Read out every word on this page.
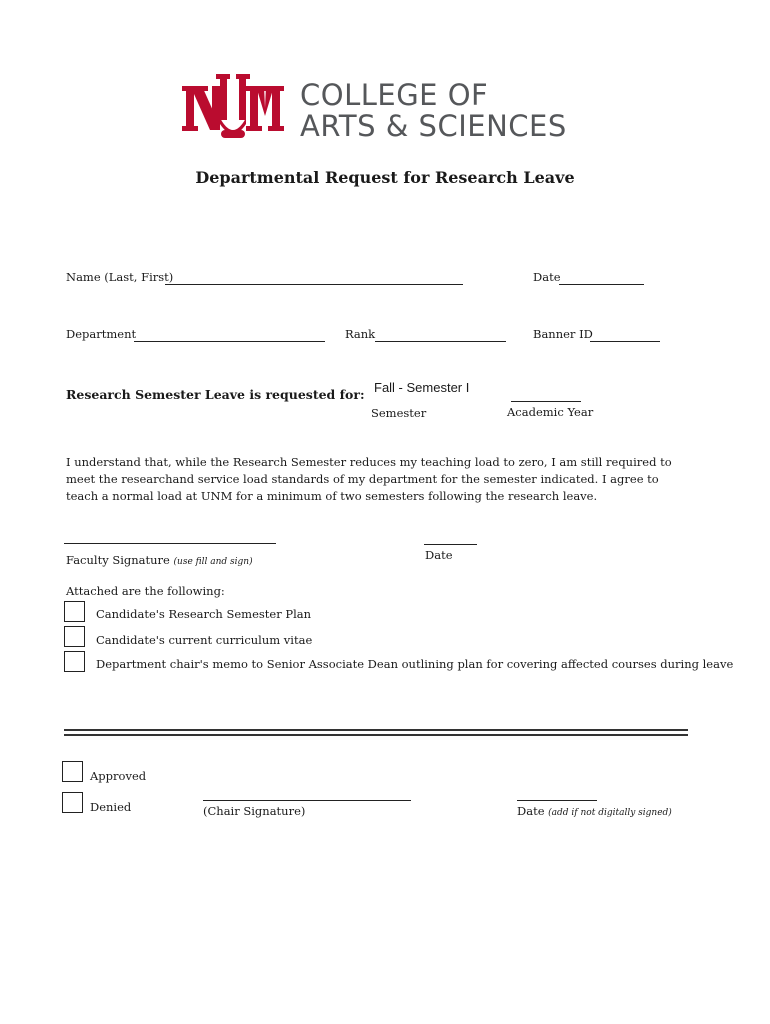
COLLEGE OF
ARTS & SCIENCES
Departmental Request for Research Leave
Name (Last, First)	Date
Department	Rank	Banner ID
Research Semester Leave is requested for: Fall - Semester I
Semester	Academic Year
I understand that, while the Research Semester reduces my teaching load to zero, I am still required to meet the researchand service load standards of my department for the semester indicated. I agree to teach a normal load at UNM for a minimum of two semesters following the research leave.
Faculty Signature (use fill and sign)	Date
Attached are the following:
Candidate's Research Semester Plan
Candidate's current curriculum vitae
Department chair's memo to Senior Associate Dean outlining plan for covering affected courses during leave
Approved
Denied	(Chair Signature)	Date (add if not digitally signed)
